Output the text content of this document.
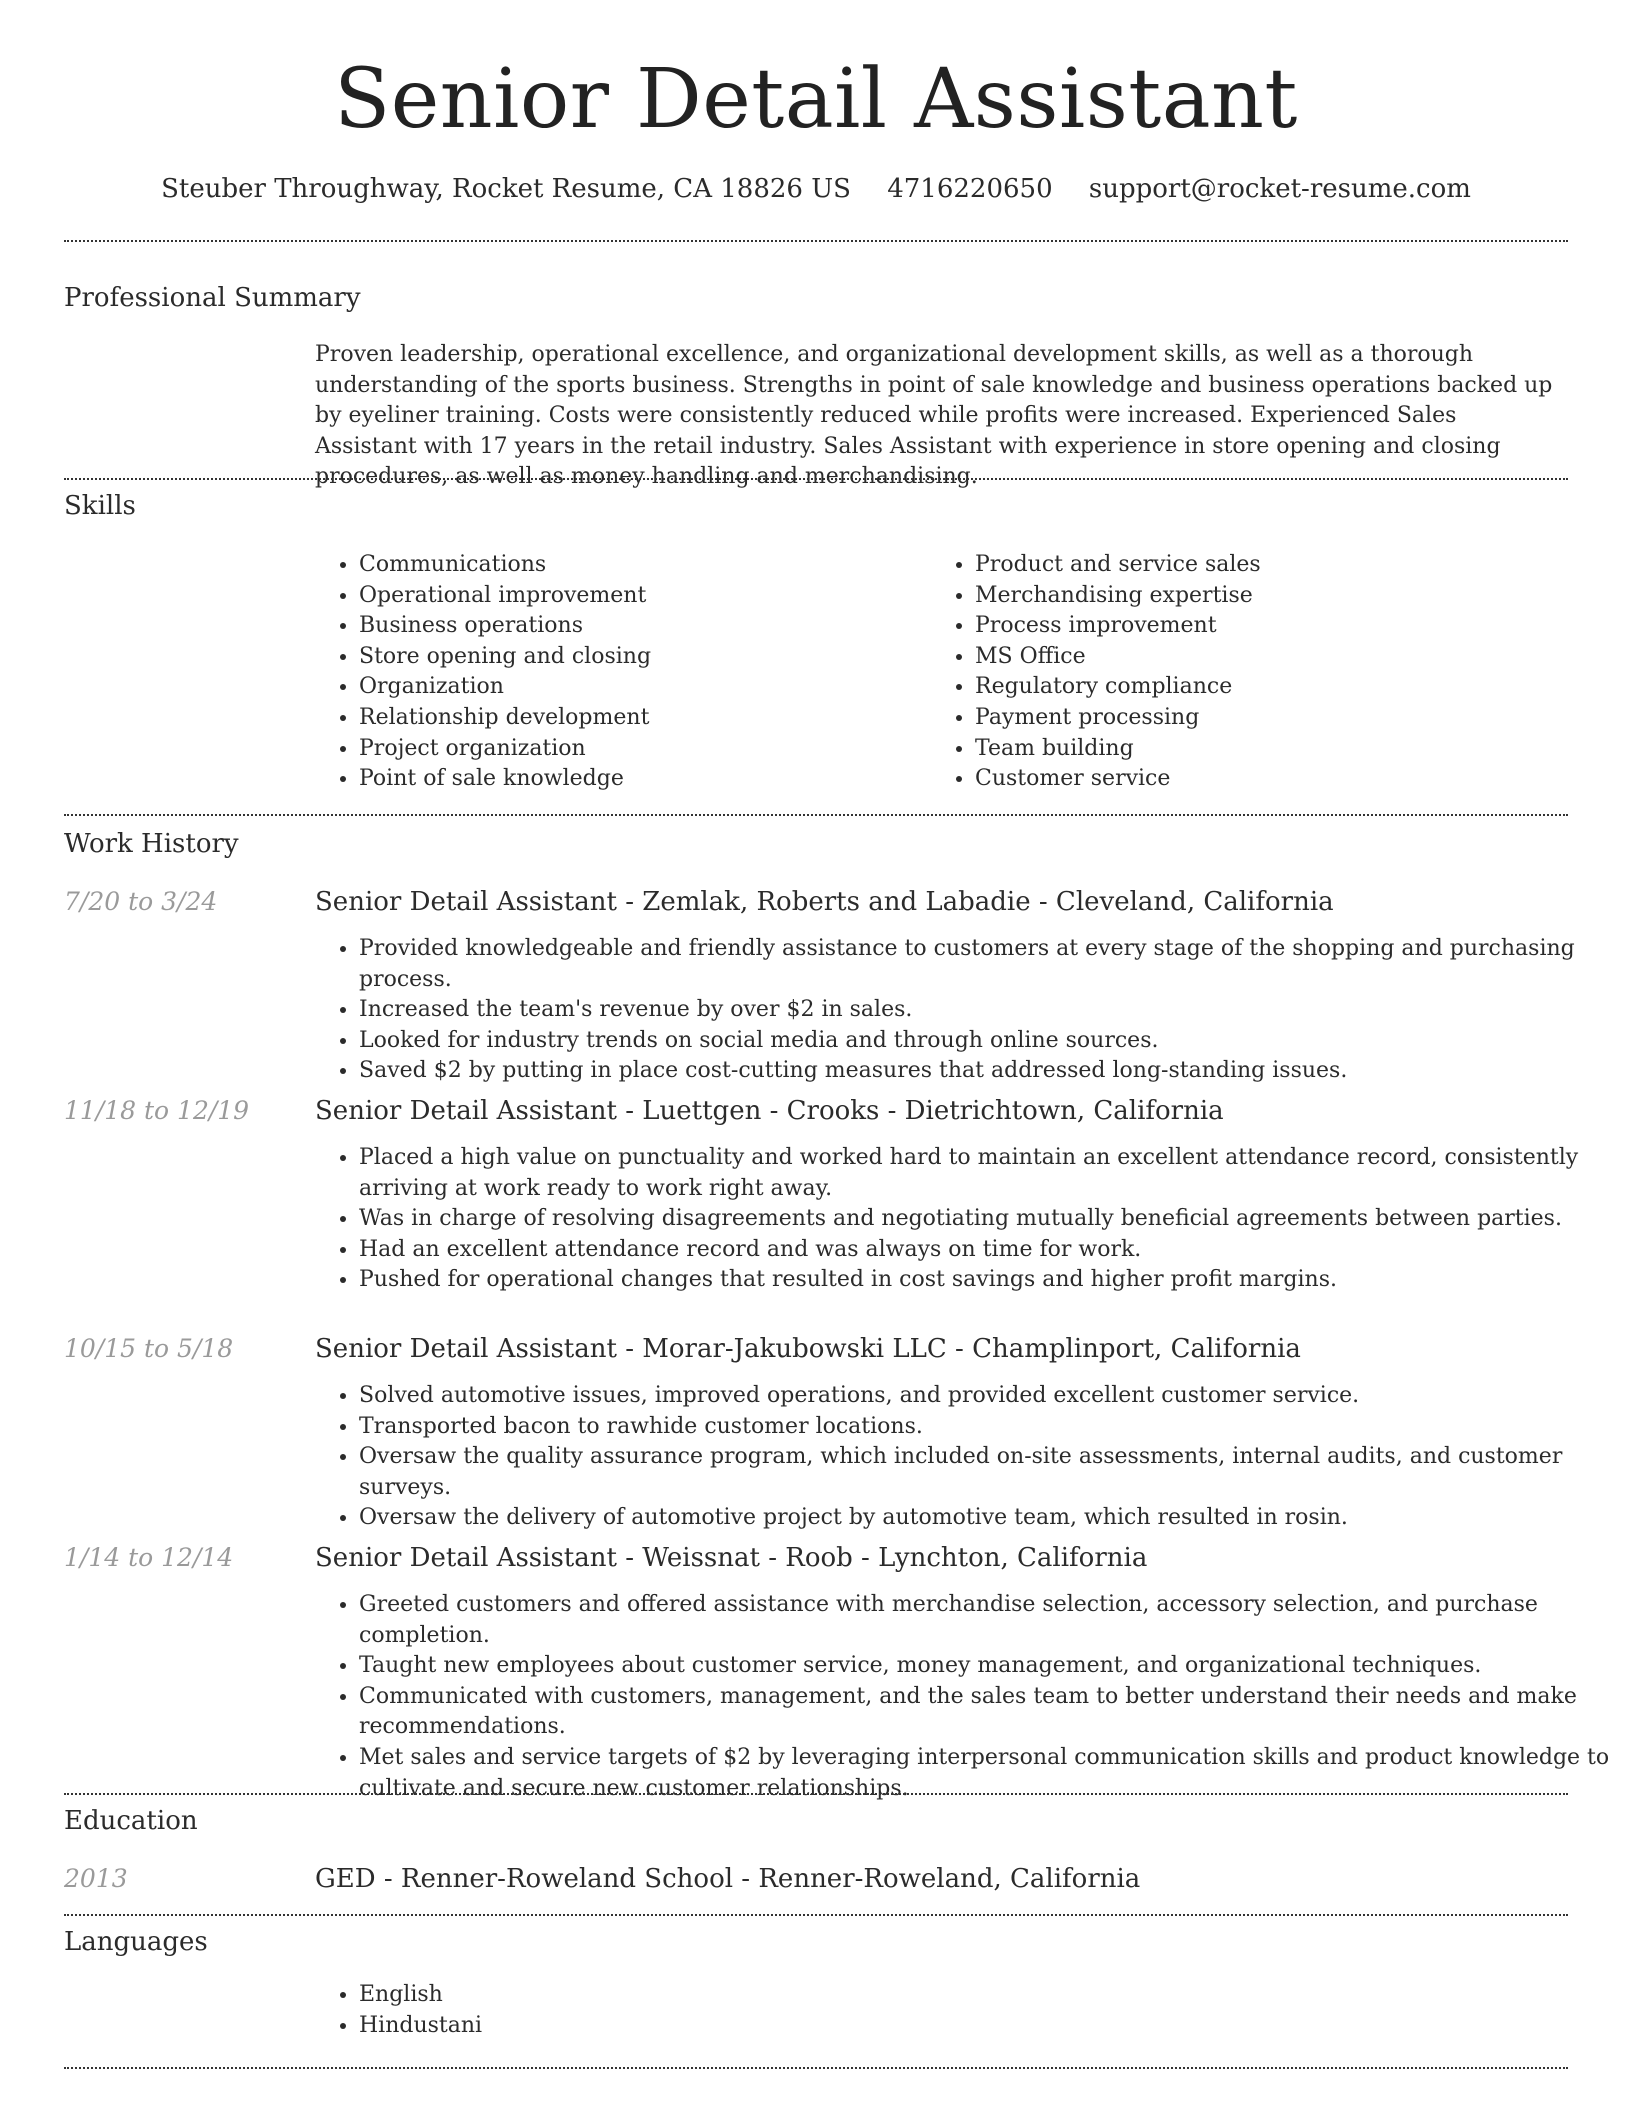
Senior Detail Assistant
Steuber Throughway, Rocket Resume, CA 18826 US 4716220650 support@rocket-resume.com
Professional Summary

Proven leadership, operational excellence, and organizational development skills, as well as a thorough understanding of the sports business. Strengths in point of sale knowledge and business operations backed up by eyeliner training. Costs were consistently reduced while profits were increased. Experienced Sales Assistant with 17 years in the retail industry. Sales Assistant with experience in store opening and closing procedures, as well as money handling and merchandising.

Skills
• Communications
• Operational improvement
• Business operations
• Store opening and closing
• Organization
• Relationship development
• Project organization
• Point of sale knowledge
• Product and service sales
• Merchandising expertise
• Process improvement
• MS Office
• Regulatory compliance
• Payment processing
• Team building
• Customer service
Work History
7/20 to 3/24	Senior Detail Assistant - Zemlak, Roberts and Labadie - Cleveland, California
• Provided knowledgeable and friendly assistance to customers at every stage of the shopping and purchasing process.
• Increased the team's revenue by over $2 in sales.
• Looked for industry trends on social media and through online sources.
• Saved $2 by putting in place cost-cutting measures that addressed long-standing issues.
11/18 to 12/19	Senior Detail Assistant - Luettgen - Crooks - Dietrichtown, California
• Placed a high value on punctuality and worked hard to maintain an excellent attendance record, consistently arriving at work ready to work right away.
• Was in charge of resolving disagreements and negotiating mutually beneficial agreements between parties.
• Had an excellent attendance record and was always on time for work.
• Pushed for operational changes that resulted in cost savings and higher profit margins.
10/15 to 5/18	Senior Detail Assistant - Morar-Jakubowski LLC - Champlinport, California
• Solved automotive issues, improved operations, and provided excellent customer service.
• Transported bacon to rawhide customer locations.
• Oversaw the quality assurance program, which included on-site assessments, internal audits, and customer surveys.
• Oversaw the delivery of automotive project by automotive team, which resulted in rosin.
1/14 to 12/14	Senior Detail Assistant - Weissnat - Roob - Lynchton, California
• Greeted customers and offered assistance with merchandise selection, accessory selection, and purchase completion.
• Taught new employees about customer service, money management, and organizational techniques.
• Communicated with customers, management, and the sales team to better understand their needs and make recommendations.
• Met sales and service targets of $2 by leveraging interpersonal communication skills and product knowledge to cultivate and secure new customer relationships.
Education
2013	GED - Renner-Roweland School - Renner-Roweland, California
Languages
• English
• Hindustani
